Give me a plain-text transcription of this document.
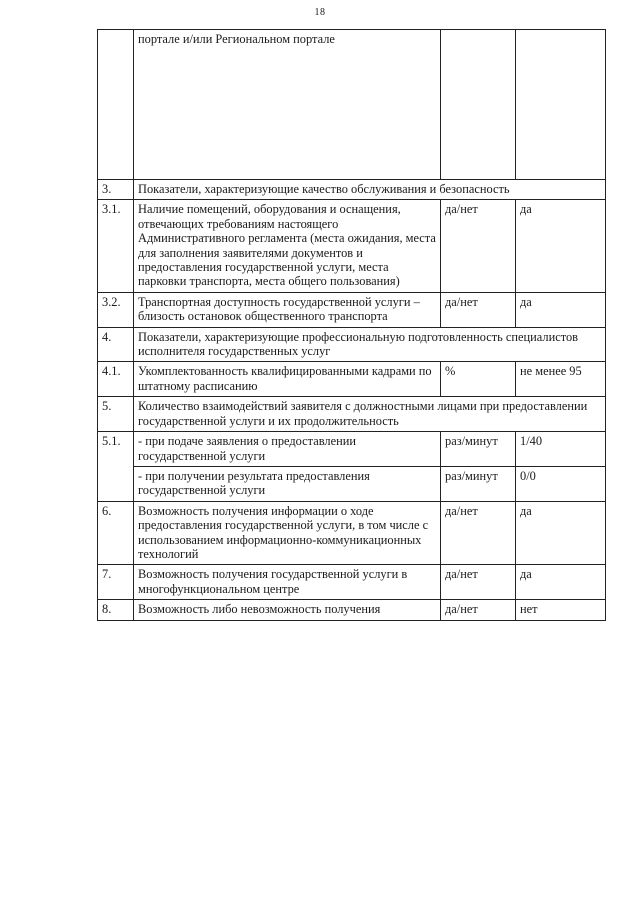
18
	портале и/или Региональном портале		
3.	Показатели, характеризующие качество обслуживания и безопасность		
3.1.	Наличие помещений, оборудования и оснащения, отвечающих требованиям настоящего Административного регламента (места ожидания, места для заполнения заявителями документов и предоставления государственной услуги, места парковки транспорта, места общего пользования)	да/нет	да
3.2.	Транспортная доступность государственной услуги – близость остановок общественного транспорта	да/нет	да
4.	Показатели, характеризующие профессиональную подготовленность специалистов исполнителя государственных услуг		
4.1.	Укомплектованность квалифицированными кадрами по штатному расписанию	%	не менее 95
5.	Количество взаимодействий заявителя с должностными лицами при предоставлении государственной услуги и их продолжительность		
5.1.	- при подаче заявления о предоставлении государственной услуги	раз/минут	1/40
	- при получении результата предоставления государственной услуги	раз/минут	0/0
6.	Возможность получения информации о ходе предоставления государственной услуги, в том числе с использованием информационно-коммуникационных технологий	да/нет	да
7.	Возможность получения государственной услуги в многофункциональном центре	да/нет	да
8.	Возможность либо невозможность получения	да/нет	нет
